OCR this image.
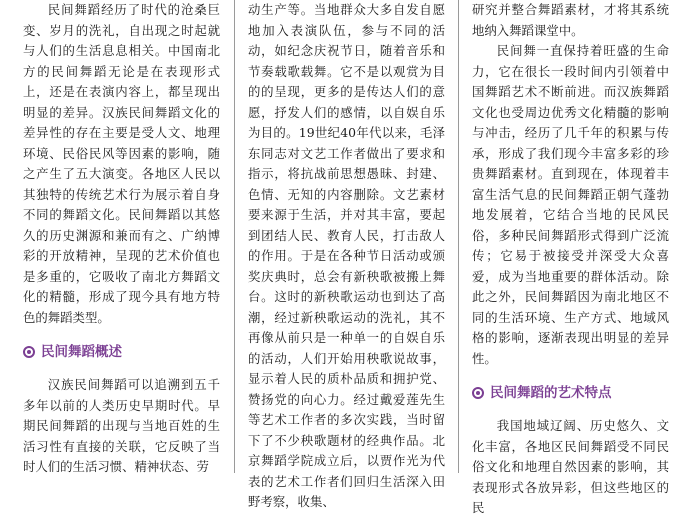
民间舞蹈经历了时代的沧桑巨变、岁月的洗礼，自出现之时起就与人们的生活息息相关。中国南北方的民间舞蹈无论是在表现形式上，还是在表演内容上，都呈现出明显的差异。汉族民间舞蹈文化的差异性的存在主要是受人文、地理环境、民俗民风等因素的影响，随之产生了五大演变。各地区人民以其独特的传统艺术行为展示着自身不同的舞蹈文化。民间舞蹈以其悠久的历史渊源和兼而有之、广纳博彩的开放精神，呈现的艺术价值也是多重的，它吸收了南北方舞蹈文化的精髓，形成了现今具有地方特色的舞蹈类型。

民间舞蹈概述

汉族民间舞蹈可以追溯到五千多年以前的人类历史早期时代。早期民间舞蹈的出现与当地百姓的生活习性有直接的关联，它反映了当时人们的生活习惯、精神状态、劳

动生产等。当地群众大多自发自愿地加入表演队伍，参与不同的活动，如纪念庆祝节日，随着音乐和节奏载歌载舞。它不是以观赏为目的的呈现，更多的是传达人们的意愿，抒发人们的感情，以自娱自乐为目的。19世纪40年代以来，毛泽东同志对文艺工作者做出了要求和指示，将抗战前思想愚昧、封建、色情、无知的内容删除。文艺素材要来源于生活，并对其丰富，要起到团结人民、教育人民，打击敌人的作用。于是在各种节日活动或颁奖庆典时，总会有新秧歌被搬上舞台。这时的新秧歌运动也到达了高潮，经过新秧歌运动的洗礼，其不再像从前只是一种单一的自娱自乐的活动，人们开始用秧歌说故事，显示着人民的质朴品质和拥护党、赞扬党的向心力。经过戴爱莲先生等艺术工作者的多次实践，当时留下了不少秧歌题材的经典作品。北京舞蹈学院成立后，以贾作光为代表的艺术工作者们回归生活深入田野考察，收集、

研究并整合舞蹈素材，才将其系统地纳入舞蹈课堂中。

民间舞一直保持着旺盛的生命力，它在很长一段时间内引领着中国舞蹈艺术不断前进。而汉族舞蹈文化也受周边优秀文化精髓的影响与冲击，经历了几千年的积累与传承，形成了我们现今丰富多彩的珍贵舞蹈素材。直到现在，体现着丰富生活气息的民间舞蹈正朝气蓬勃地发展着，它结合当地的民风民俗，多种民间舞蹈形式得到广泛流传；它易于被接受并深受大众喜爱，成为当地重要的群体活动。除此之外，民间舞蹈因为南北地区不同的生活环境、生产方式、地域风格的影响，逐渐表现出明显的差异性。

民间舞蹈的艺术特点

我国地域辽阔、历史悠久、文化丰富，各地区民间舞蹈受不同民俗文化和地理自然因素的影响，其表现形式各放异彩，但这些地区的民
